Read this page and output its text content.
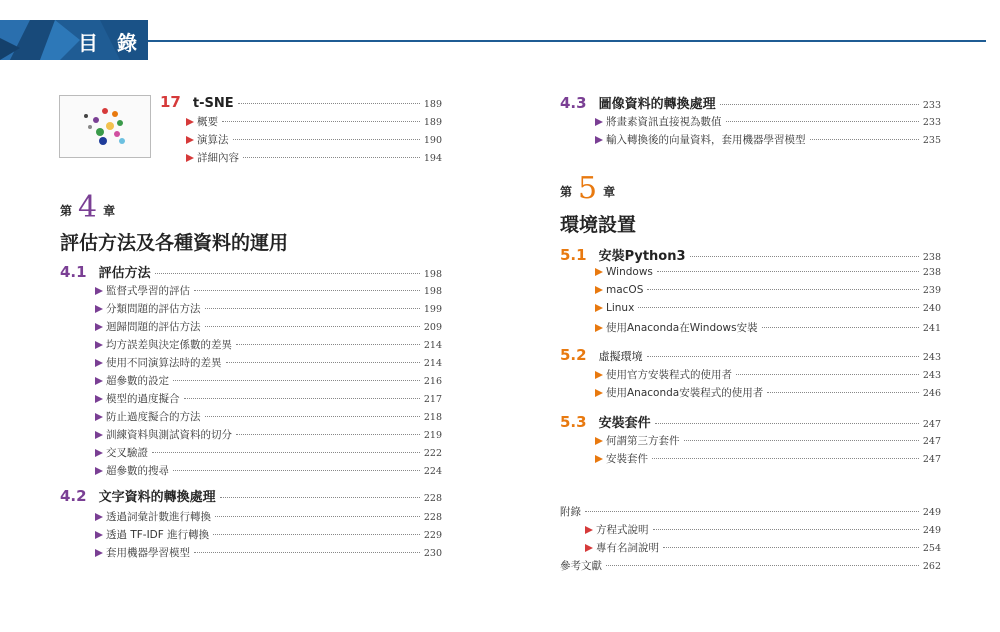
目 錄
17 t-SNE	189
概要	189
演算法	190
詳細內容	194
第 4 章
評估方法及各種資料的運用
4.1 評估方法	198
監督式學習的評估	198
分類問題的評估方法	199
迴歸問題的評估方法	209
均方誤差與決定係數的差異	214
使用不同演算法時的差異	214
超參數的設定	216
模型的過度擬合	217
防止過度擬合的方法	218
訓練資料與測試資料的切分	219
交叉驗證	222
超參數的搜尋	224
4.2 文字資料的轉換處理	228
透過詞彙計數進行轉換	228
透過 TF-IDF 進行轉換	229
套用機器學習模型	230
4.3 圖像資料的轉換處理	233
將畫素資訊直接視為數值	233
輸入轉換後的向量資料，套用機器學習模型	235
第 5 章
環境設置
5.1 安裝Python3	238
Windows	238
macOS	239
Linux	240
使用Anaconda在Windows安裝	241
5.2 虛擬環境	243
使用官方安裝程式的使用者	243
使用Anaconda安裝程式的使用者	246
5.3 安裝套件	247
何謂第三方套件	247
安裝套件	247
附錄	249
方程式說明	249
專有名詞說明	254
參考文獻	262
